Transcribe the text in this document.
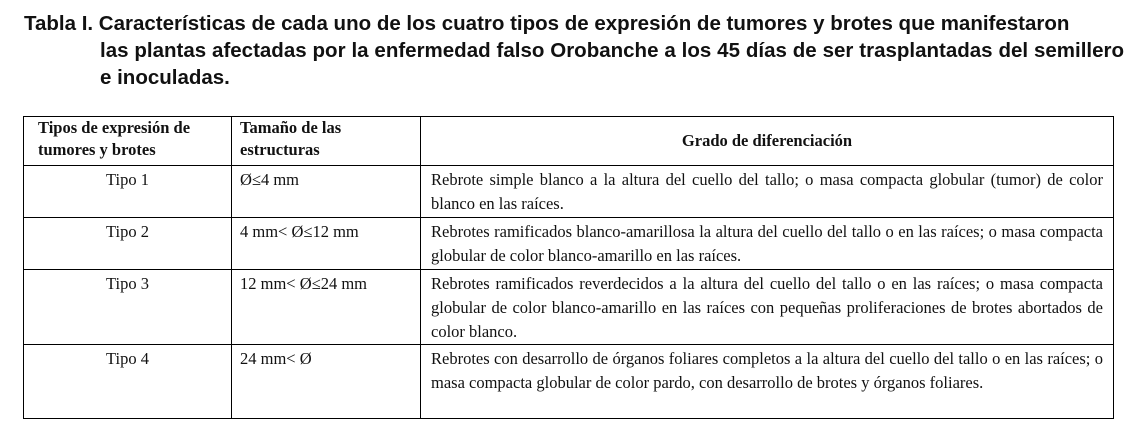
Tabla I. Características de cada uno de los cuatro tipos de expresión de tumores y brotes que manifestaron
las plantas afectadas por la enfermedad falso Orobanche a los 45 días de ser trasplantadas del semillero e inoculadas.
Tipos de expresión de tumores y brotes	Tamaño de las estructuras	Grado de diferenciación
Tipo 1	Ø≤4 mm	Rebrote simple blanco a la altura del cuello del tallo; o masa compacta globular (tumor) de color blanco en las raíces.
Tipo 2	4 mm< Ø≤12 mm	Rebrotes ramificados blanco-amarillosa la altura del cuello del tallo o en las raíces; o masa compacta globular de color blanco-amarillo en las raíces.
Tipo 3	12 mm< Ø≤24 mm	Rebrotes ramificados reverdecidos a la altura del cuello del tallo o en las raíces; o masa compacta globular de color blanco-amarillo en las raíces con pequeñas proliferaciones de brotes abortados de color blanco.
Tipo 4	24 mm< Ø	Rebrotes con desarrollo de órganos foliares completos a la altura del cuello del tallo o en las raíces; o masa compacta globular de color pardo, con desarrollo de brotes y órganos foliares.
